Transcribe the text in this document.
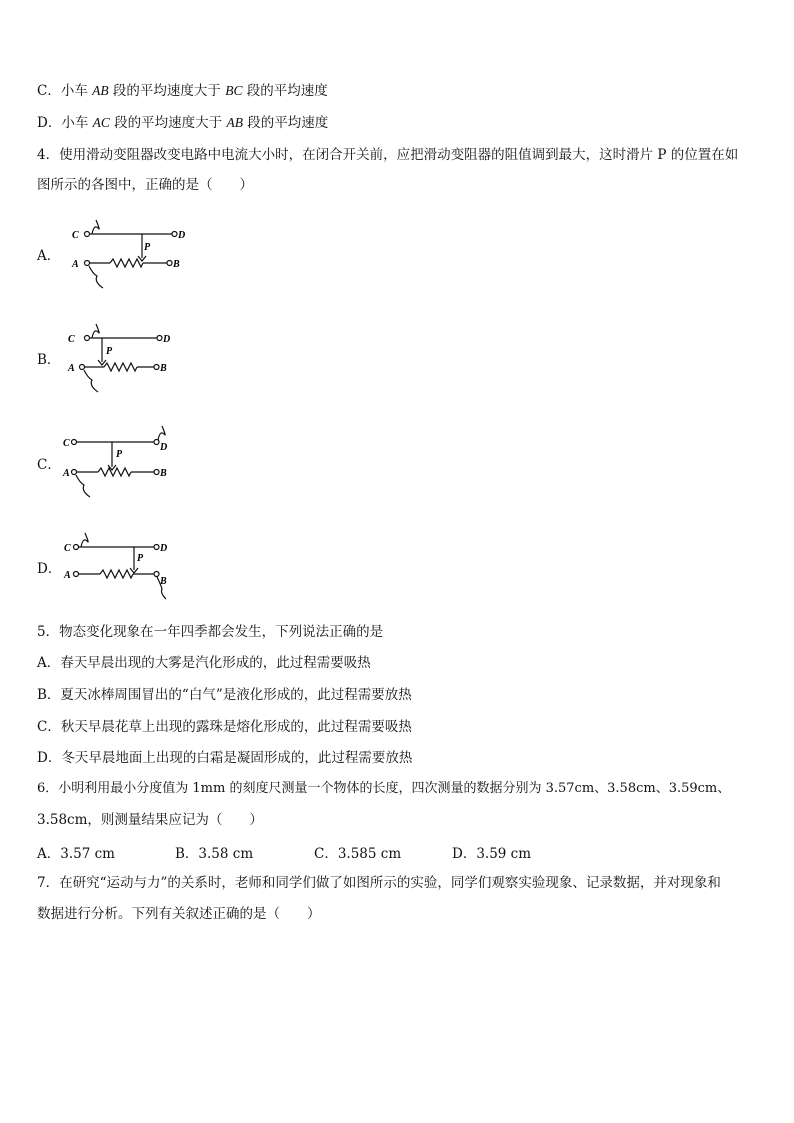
C．小车 AB 段的平均速度大于 BC 段的平均速度
D．小车 AC 段的平均速度大于 AB 段的平均速度
4．使用滑动变阻器改变电路中电流大小时，在闭合开关前，应把滑动变阻器的阻值调到最大，这时滑片 P 的位置在如
图所示的各图中，正确的是（　　）
A．
C	D
P
A	B
B．
C	D
P
A	B
C．
C	D
P
A	B
D．
C	D
P
A
B
5．物态变化现象在一年四季都会发生，下列说法正确的是
A．春天早晨出现的大雾是汽化形成的，此过程需要吸热
B．夏天冰棒周围冒出的“白气”是液化形成的，此过程需要放热
C．秋天早晨花草上出现的露珠是熔化形成的，此过程需要吸热
D．冬天早晨地面上出现的白霜是凝固形成的，此过程需要放热
6．小明利用最小分度值为 1mm 的刻度尺测量一个物体的长度，四次测量的数据分别为 3.57cm、3.58cm、3.59cm、
3.58cm，则测量结果应记为（　　）
A．3.57 cm	B．3.58 cm	C．3.585 cm	D．3.59 cm
7．在研究“运动与力”的关系时，老师和同学们做了如图所示的实验，同学们观察实验现象、记录数据，并对现象和
数据进行分析。下列有关叙述正确的是（　　）
